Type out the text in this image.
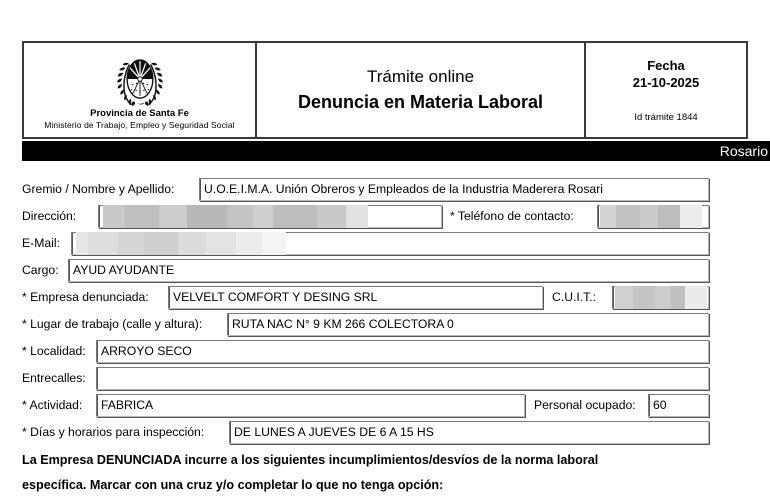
Provincia de Santa Fe
Ministerio de Trabajo, Empleo y Seguridad Social
Trámite online
Denuncia en Materia Laboral
Fecha
21-10-2025
Id trámite 1844
Rosario
Gremio / Nombre y Apellido:	U.O.E.I.M.A. Unión Obreros y Empleados de la Industria Maderera Rosari
Dirección:	* Teléfono de contacto:
E-Mail:
Cargo:	AYUD AYUDANTE
* Empresa denunciada:	VELVELT COMFORT Y DESING SRL	C.U.I.T.:
* Lugar de trabajo (calle y altura):	RUTA NAC N° 9 KM 266 COLECTORA 0
* Localidad:	ARROYO SECO
Entrecalles:
* Actividad:	FABRICA	Personal ocupado:	60
* Días y horarios para inspección:	DE LUNES A JUEVES DE 6 A 15 HS
La Empresa DENUNCIADA incurre a los siguientes incumplimientos/desvíos de la norma laboral
específica. Marcar con una cruz y/o completar lo que no tenga opción:
